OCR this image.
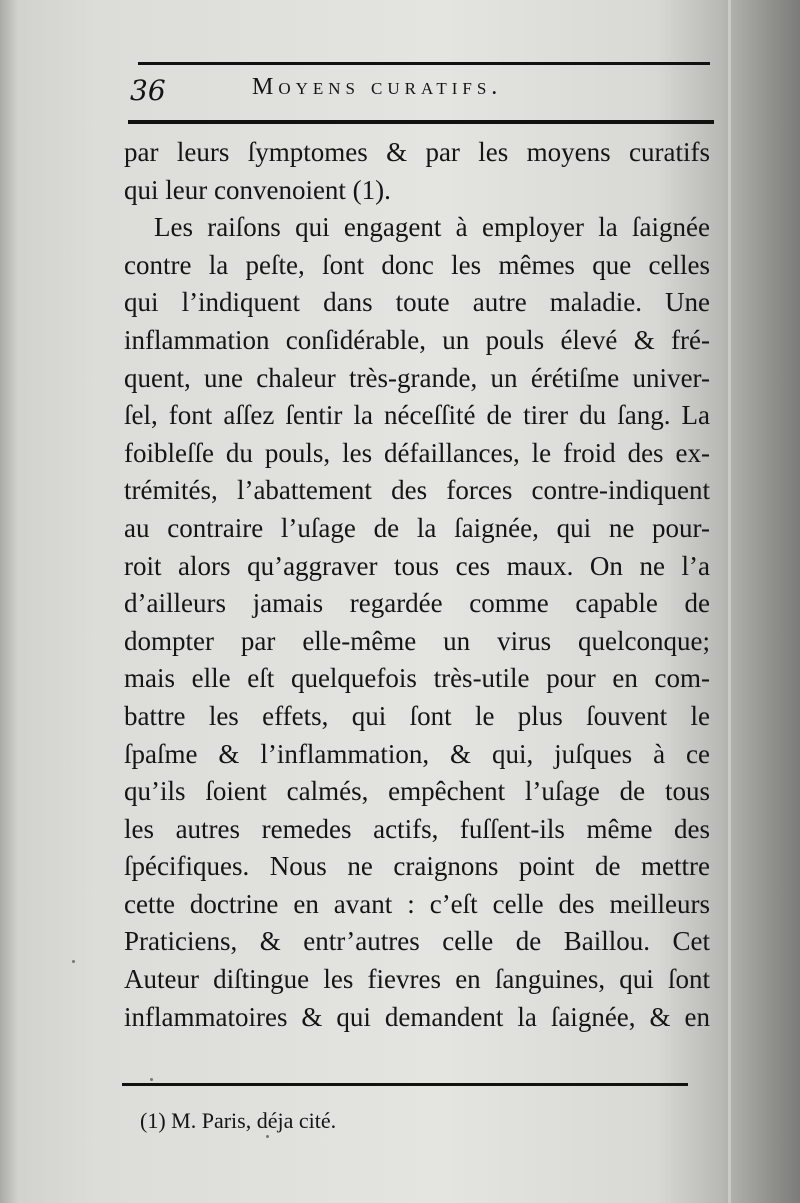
36	Moyens curatifs.
par leurs ſymptomes & par les moyens curatifs
qui leur convenoient (1).
Les raiſons qui engagent à employer la ſaignée
contre la peſte, ſont donc les mêmes que celles
qui l’indiquent dans toute autre maladie. Une
inflammation conſidérable, un pouls élevé & fré-
quent, une chaleur très-grande, un érétiſme univer-
ſel, font aſſez ſentir la néceſſité de tirer du ſang. La
foibleſſe du pouls, les défaillances, le froid des ex-
trémités, l’abattement des forces contre-indiquent
au contraire l’uſage de la ſaignée, qui ne pour-
roit alors qu’aggraver tous ces maux. On ne l’a
d’ailleurs jamais regardée comme capable de
dompter par elle-même un virus quelconque;
mais elle eſt quelquefois très-utile pour en com-
battre les effets, qui ſont le plus ſouvent le
ſpaſme & l’inflammation, & qui, juſques à ce
qu’ils ſoient calmés, empêchent l’uſage de tous
les autres remedes actifs, fuſſent-ils même des
ſpécifiques. Nous ne craignons point de mettre
cette doctrine en avant : c’eſt celle des meilleurs
Praticiens, & entr’autres celle de Baillou. Cet
Auteur diſtingue les fievres en ſanguines, qui ſont
inflammatoires & qui demandent la ſaignée, & en
(1) M. Paris, déja cité.
